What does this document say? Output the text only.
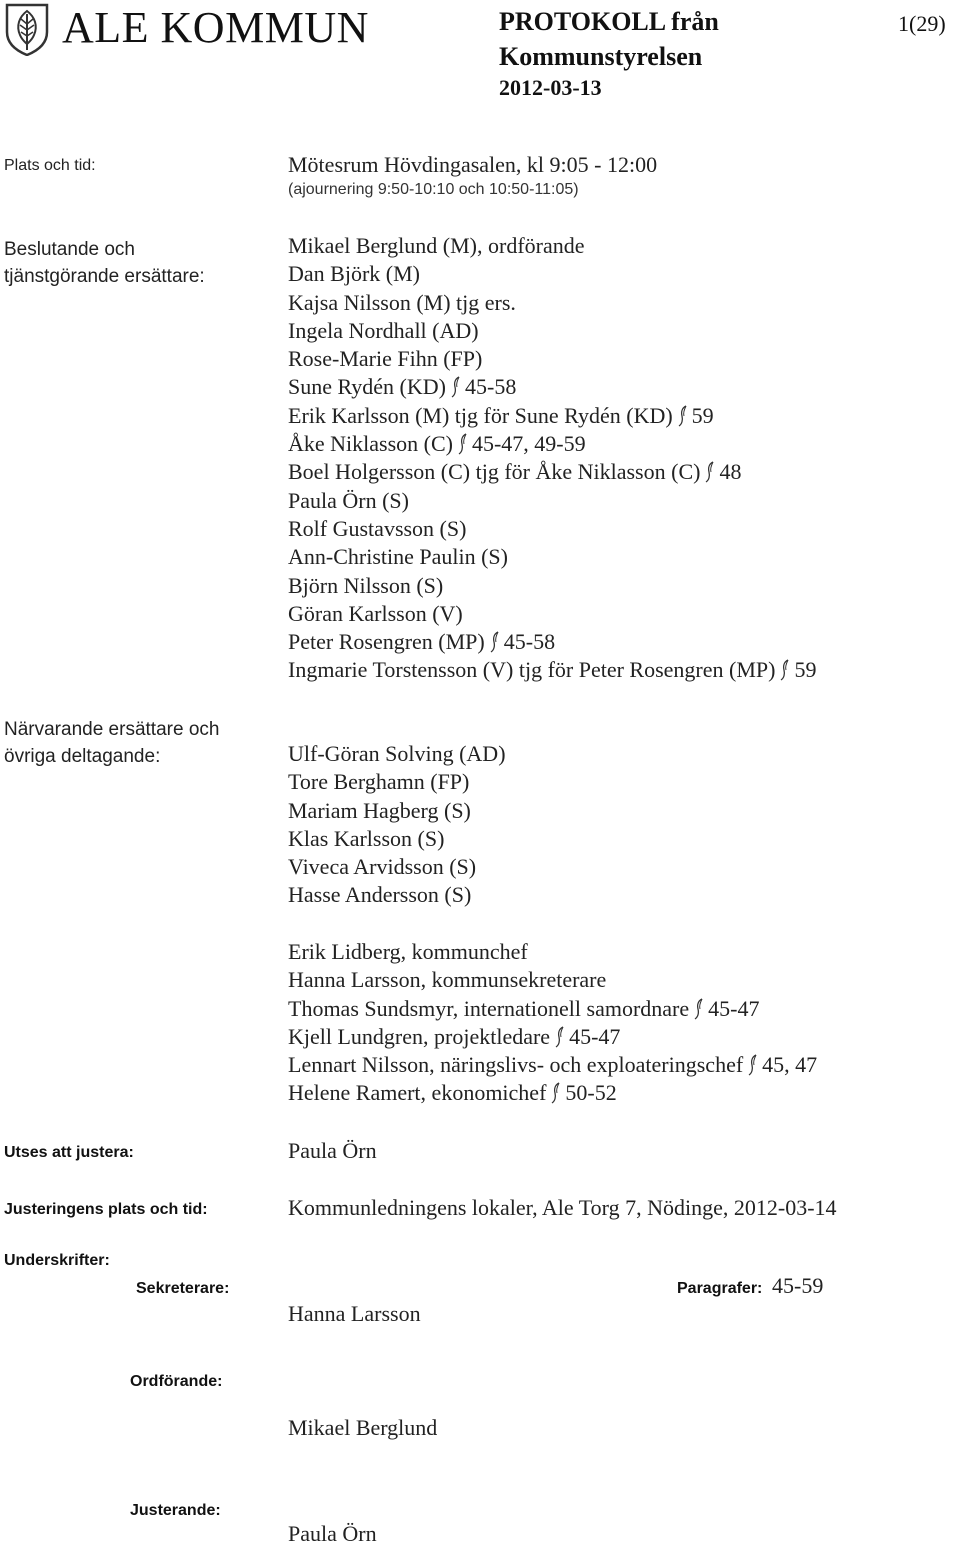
ALE KOMMUN	PROTOKOLL från
Kommunstyrelsen
2012-03-13
1(29)
Plats och tid:	Mötesrum Hövdingasalen, kl 9:05 - 12:00
(ajournering 9:50-10:10 och 10:50-11:05)
Beslutande och
tjänstgörande ersättare:
Mikael Berglund (M), ordförande
Dan Björk (M)
Kajsa Nilsson (M) tjg ers.
Ingela Nordhall (AD)
Rose-Marie Fihn (FP)
Sune Rydén (KD) 45-58
Erik Karlsson (M) tjg för Sune Rydén (KD) 59
Åke Niklasson (C) 45-47, 49-59
Boel Holgersson (C) tjg för Åke Niklasson (C) 48
Paula Örn (S)
Rolf Gustavsson (S)
Ann-Christine Paulin (S)
Björn Nilsson (S)
Göran Karlsson (V)
Peter Rosengren (MP) 45-58
Ingmarie Torstensson (V) tjg för Peter Rosengren (MP) 59
Närvarande ersättare och
övriga deltagande:	Ulf-Göran Solving (AD)
Tore Berghamn (FP)
Mariam Hagberg (S)
Klas Karlsson (S)
Viveca Arvidsson (S)
Hasse Andersson (S)
Erik Lidberg, kommunchef
Hanna Larsson, kommunsekreterare
Thomas Sundsmyr, internationell samordnare 45-47
Kjell Lundgren, projektledare 45-47
Lennart Nilsson, näringslivs- och exploateringschef 45, 47
Helene Ramert, ekonomichef 50-52
Utses att justera:	Paula Örn
Justeringens plats och tid:	Kommunledningens lokaler, Ale Torg 7, Nödinge, 2012-03-14
Underskrifter:
Sekreterare:
Hanna Larsson
Paragrafer: 45-59
Ordförande:
Mikael Berglund
Justerande:
Paula Örn
